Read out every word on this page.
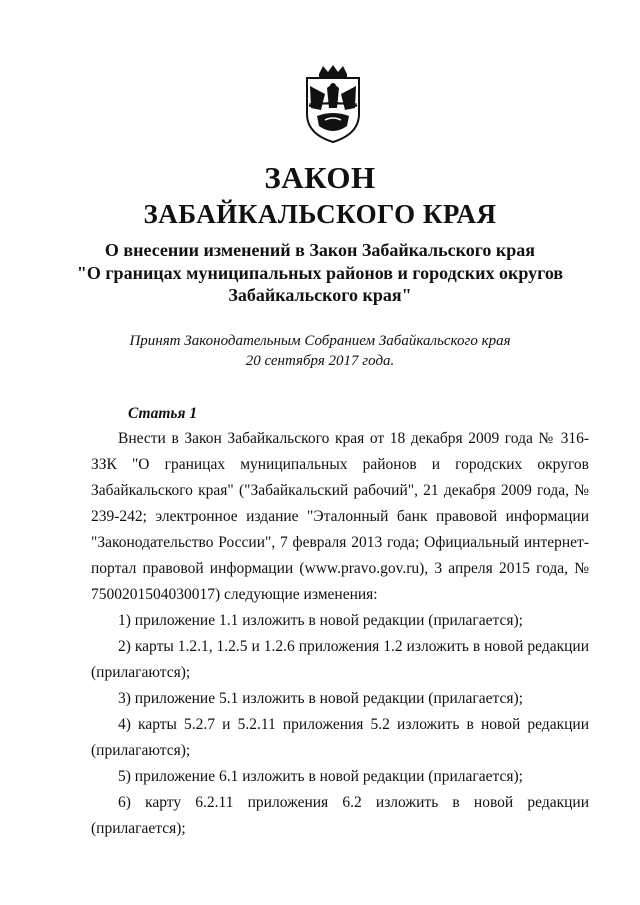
ЗАКОН

ЗАБАЙКАЛЬСКОГО КРАЯ

О внесении изменений в Закон Забайкальского края

"О границах муниципальных районов и городских округов

Забайкальского края"

Принят Законодательным Собранием Забайкальского края

20 сентября 2017 года.

Статья 1

Внести в Закон Забайкальского края от 18 декабря 2009 года № 316-ЗЗК "О границах муниципальных районов и городских округов Забайкальского края" ("Забайкальский рабочий", 21 декабря 2009 года, № 239-242; электронное издание "Эталонный банк правовой информации "Законодательство России", 7 февраля 2013 года; Официальный интернет-портал правовой информации (www.pravo.gov.ru), 3 апреля 2015 года, № 7500201504030017) следующие изменения:

1) приложение 1.1 изложить в новой редакции (прилагается);

2) карты 1.2.1, 1.2.5 и 1.2.6 приложения 1.2 изложить в новой редакции (прилагаются);

3) приложение 5.1 изложить в новой редакции (прилагается);

4) карты 5.2.7 и 5.2.11 приложения 5.2 изложить в новой редакции (прилагаются);

5) приложение 6.1 изложить в новой редакции (прилагается);

6) карту 6.2.11 приложения 6.2 изложить в новой редакции (прилагается);
